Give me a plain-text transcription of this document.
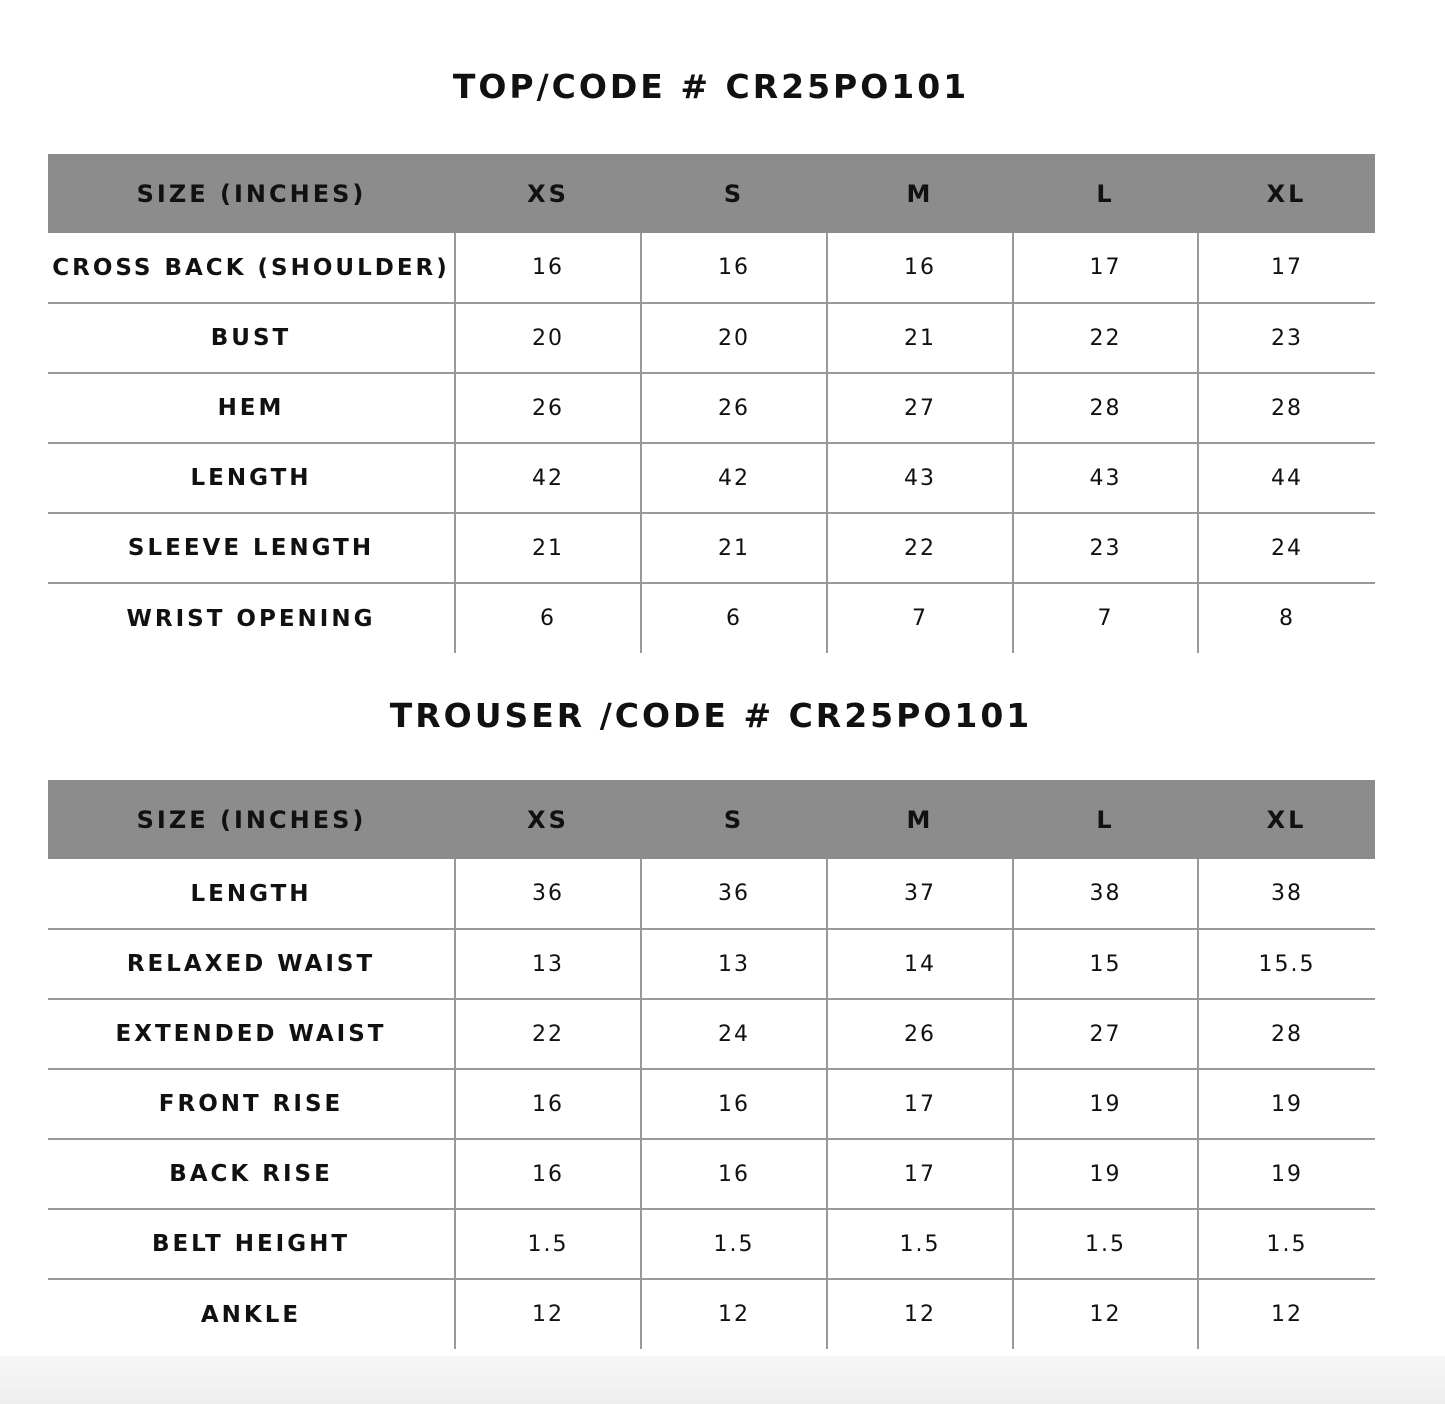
TOP/CODE # CR25PO101
SIZE (INCHES)	XS	S	M	L	XL
CROSS BACK (SHOULDER)	16	16	16	17	17
BUST	20	20	21	22	23
HEM	26	26	27	28	28
LENGTH	42	42	43	43	44
SLEEVE LENGTH	21	21	22	23	24
WRIST OPENING	6	6	7	7	8
TROUSER /CODE # CR25PO101
SIZE (INCHES)	XS	S	M	L	XL
LENGTH	36	36	37	38	38
RELAXED WAIST	13	13	14	15	15.5
EXTENDED WAIST	22	24	26	27	28
FRONT RISE	16	16	17	19	19
BACK RISE	16	16	17	19	19
BELT HEIGHT	1.5	1.5	1.5	1.5	1.5
ANKLE	12	12	12	12	12
